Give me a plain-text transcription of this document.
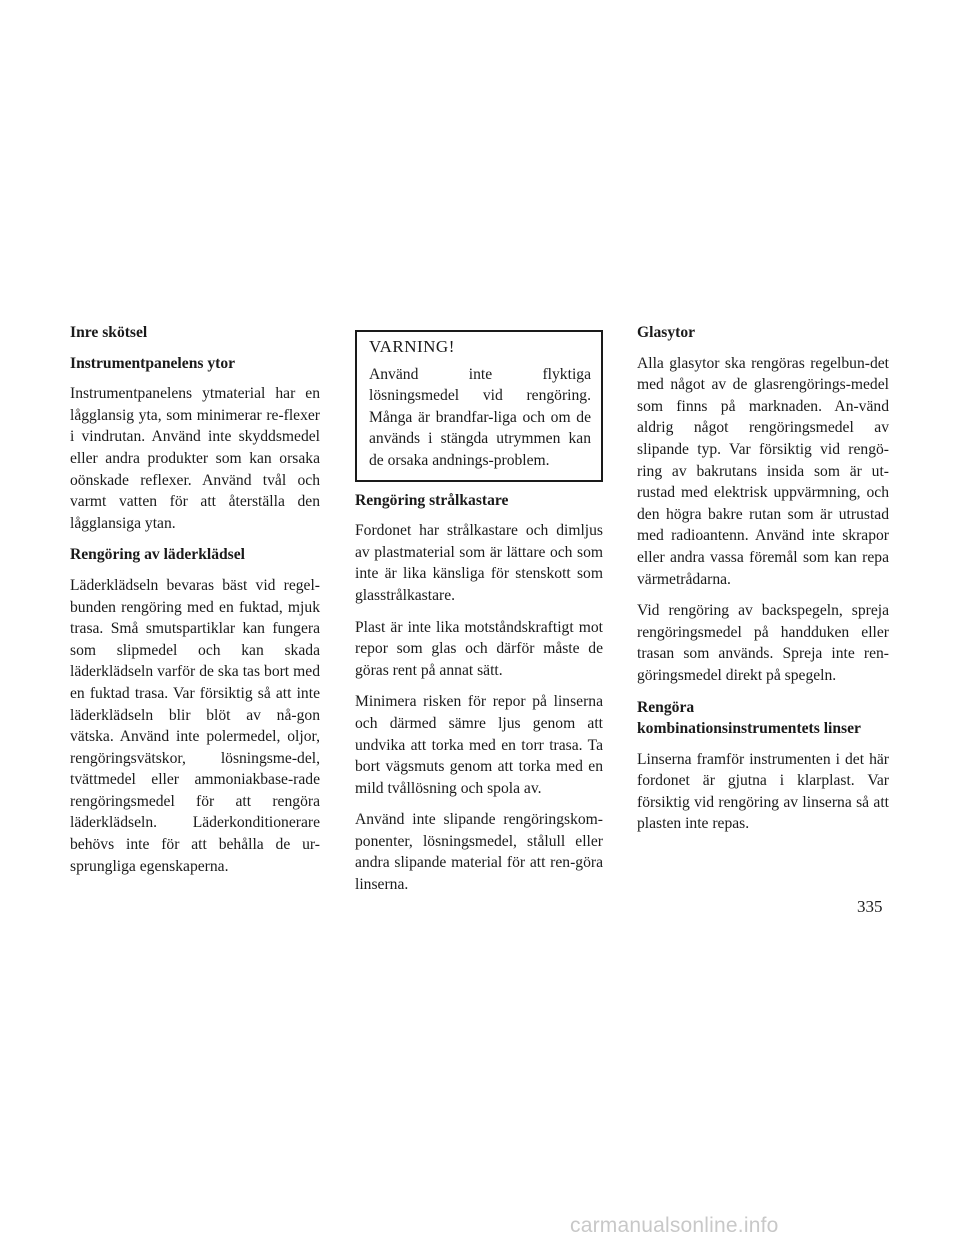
Inre skötsel
Instrumentpanelens ytor

Instrumentpanelens ytmaterial har en lågglansig yta, som minimerar re-flexer i vindrutan. Använd inte skyddsmedel eller andra produkter som kan orsaka oönskade reflexer. Använd tvål och varmt vatten för att återställa den lågglansiga ytan.

Rengöring av läderklädsel

Läderklädseln bevaras bäst vid regel-bunden rengöring med en fuktad, mjuk trasa. Små smutspartiklar kan fungera som slipmedel och kan skada läderklädseln varför de ska tas bort med en fuktad trasa. Var försiktig så att inte läderklädseln blir blöt av nå-gon vätska. Använd inte polermedel, oljor, rengöringsvätskor, lösningsme-del, tvättmedel eller ammoniakbase-rade rengöringsmedel för att rengöra läderklädseln. Läderkonditionerare behövs inte för att behålla de ur-sprungliga egenskaperna.

VARNING!

Använd inte flyktiga lösningsmedel vid rengöring. Många är brandfar-liga och om de används i stängda utrymmen kan de orsaka andnings-problem.

Rengöring strålkastare

Fordonet har strålkastare och dimljus av plastmaterial som är lättare och som inte är lika känsliga för stenskott som glasstrålkastare.

Plast är inte lika motståndskraftigt mot repor som glas och därför måste de göras rent på annat sätt.

Minimera risken för repor på linserna och därmed sämre ljus genom att undvika att torka med en torr trasa. Ta bort vägsmuts genom att torka med en mild tvållösning och spola av.

Använd inte slipande rengöringskom-ponenter, lösningsmedel, stålull eller andra slipande material för att ren-göra linserna.

Glasytor

Alla glasytor ska rengöras regelbun-det med något av de glasrengörings-medel som finns på marknaden. An-vänd aldrig något rengöringsmedel av slipande typ. Var försiktig vid rengö-ring av bakrutans insida som är ut-rustad med elektrisk uppvärmning, och den högra bakre rutan som är utrustad med radioantenn. Använd inte skrapor eller andra vassa föremål som kan repa värmetrådarna.

Vid rengöring av backspegeln, spreja rengöringsmedel på handduken eller trasan som används. Spreja inte ren-göringsmedel direkt på spegeln.

Rengöra
kombinationsinstrumentets linser

Linserna framför instrumenten i det här fordonet är gjutna i klarplast. Var försiktig vid rengöring av linserna så att plasten inte repas.

335
carmanualsonline.info
